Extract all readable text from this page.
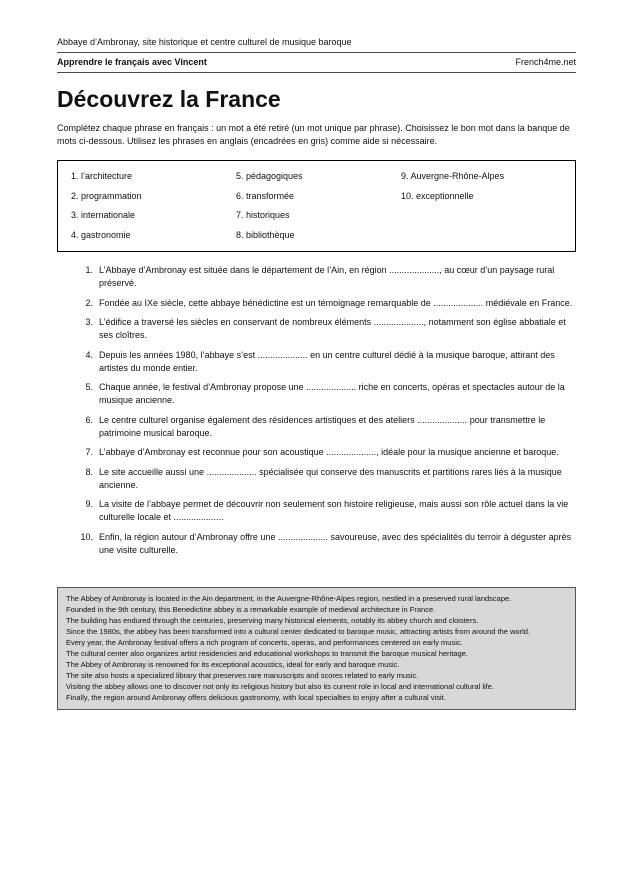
Abbaye d’Ambronay, site historique et centre culturel de musique baroque
Apprendre le français avec Vincent	French4me.net
Découvrez la France

Complétez chaque phrase en français : un mot a été retiré (un mot unique par phrase). Choisissez le bon mot dans la banque de mots ci-dessous. Utilisez les phrases en anglais (encadrées en gris) comme aide si nécessaire.

1. l’architecture
2. programmation
3. internationale
4. gastronomie
5. pédagogiques
6. transformée
7. historiques
8. bibliothèque
9. Auvergne-Rhône-Alpes
10. exceptionnelle
1. L’Abbaye d’Ambronay est située dans le département de l’Ain, en région ...................., au cœur d’un paysage rural préservé.
2. Fondée au IXe siècle, cette abbaye bénédictine est un témoignage remarquable de .................... médiévale en France.
3. L’édifice a traversé les siècles en conservant de nombreux éléments ...................., notamment son église abbatiale et ses cloîtres.
4. Depuis les années 1980, l’abbaye s’est .................... en un centre culturel dédié à la musique baroque, attirant des artistes du monde entier.
5. Chaque année, le festival d’Ambronay propose une .................... riche en concerts, opéras et spectacles autour de la musique ancienne.
6. Le centre culturel organise également des résidences artistiques et des ateliers .................... pour transmettre le patrimoine musical baroque.
7. L’abbaye d’Ambronay est reconnue pour son acoustique ...................., idéale pour la musique ancienne et baroque.
8. Le site accueille aussi une .................... spécialisée qui conserve des manuscrits et partitions rares liés à la musique ancienne.
9. La visite de l’abbaye permet de découvrir non seulement son histoire religieuse, mais aussi son rôle actuel dans la vie culturelle locale et ....................
10. Enfin, la région autour d’Ambronay offre une .................... savoureuse, avec des spécialités du terroir à déguster après une visite culturelle.

The Abbey of Ambronay is located in the Ain department, in the Auvergne-Rhône-Alpes region, nestled in a preserved rural landscape.

Founded in the 9th century, this Benedictine abbey is a remarkable example of medieval architecture in France.

The building has endured through the centuries, preserving many historical elements, notably its abbey church and cloisters.

Since the 1980s, the abbey has been transformed into a cultural center dedicated to baroque music, attracting artists from around the world.

Every year, the Ambronay festival offers a rich program of concerts, operas, and performances centered on early music.

The cultural center also organizes artist residencies and educational workshops to transmit the baroque musical heritage.

The Abbey of Ambronay is renowned for its exceptional acoustics, ideal for early and baroque music.

The site also hosts a specialized library that preserves rare manuscripts and scores related to early music.

Visiting the abbey allows one to discover not only its religious history but also its current role in local and international cultural life.

Finally, the region around Ambronay offers delicious gastronomy, with local specialties to enjoy after a cultural visit.
